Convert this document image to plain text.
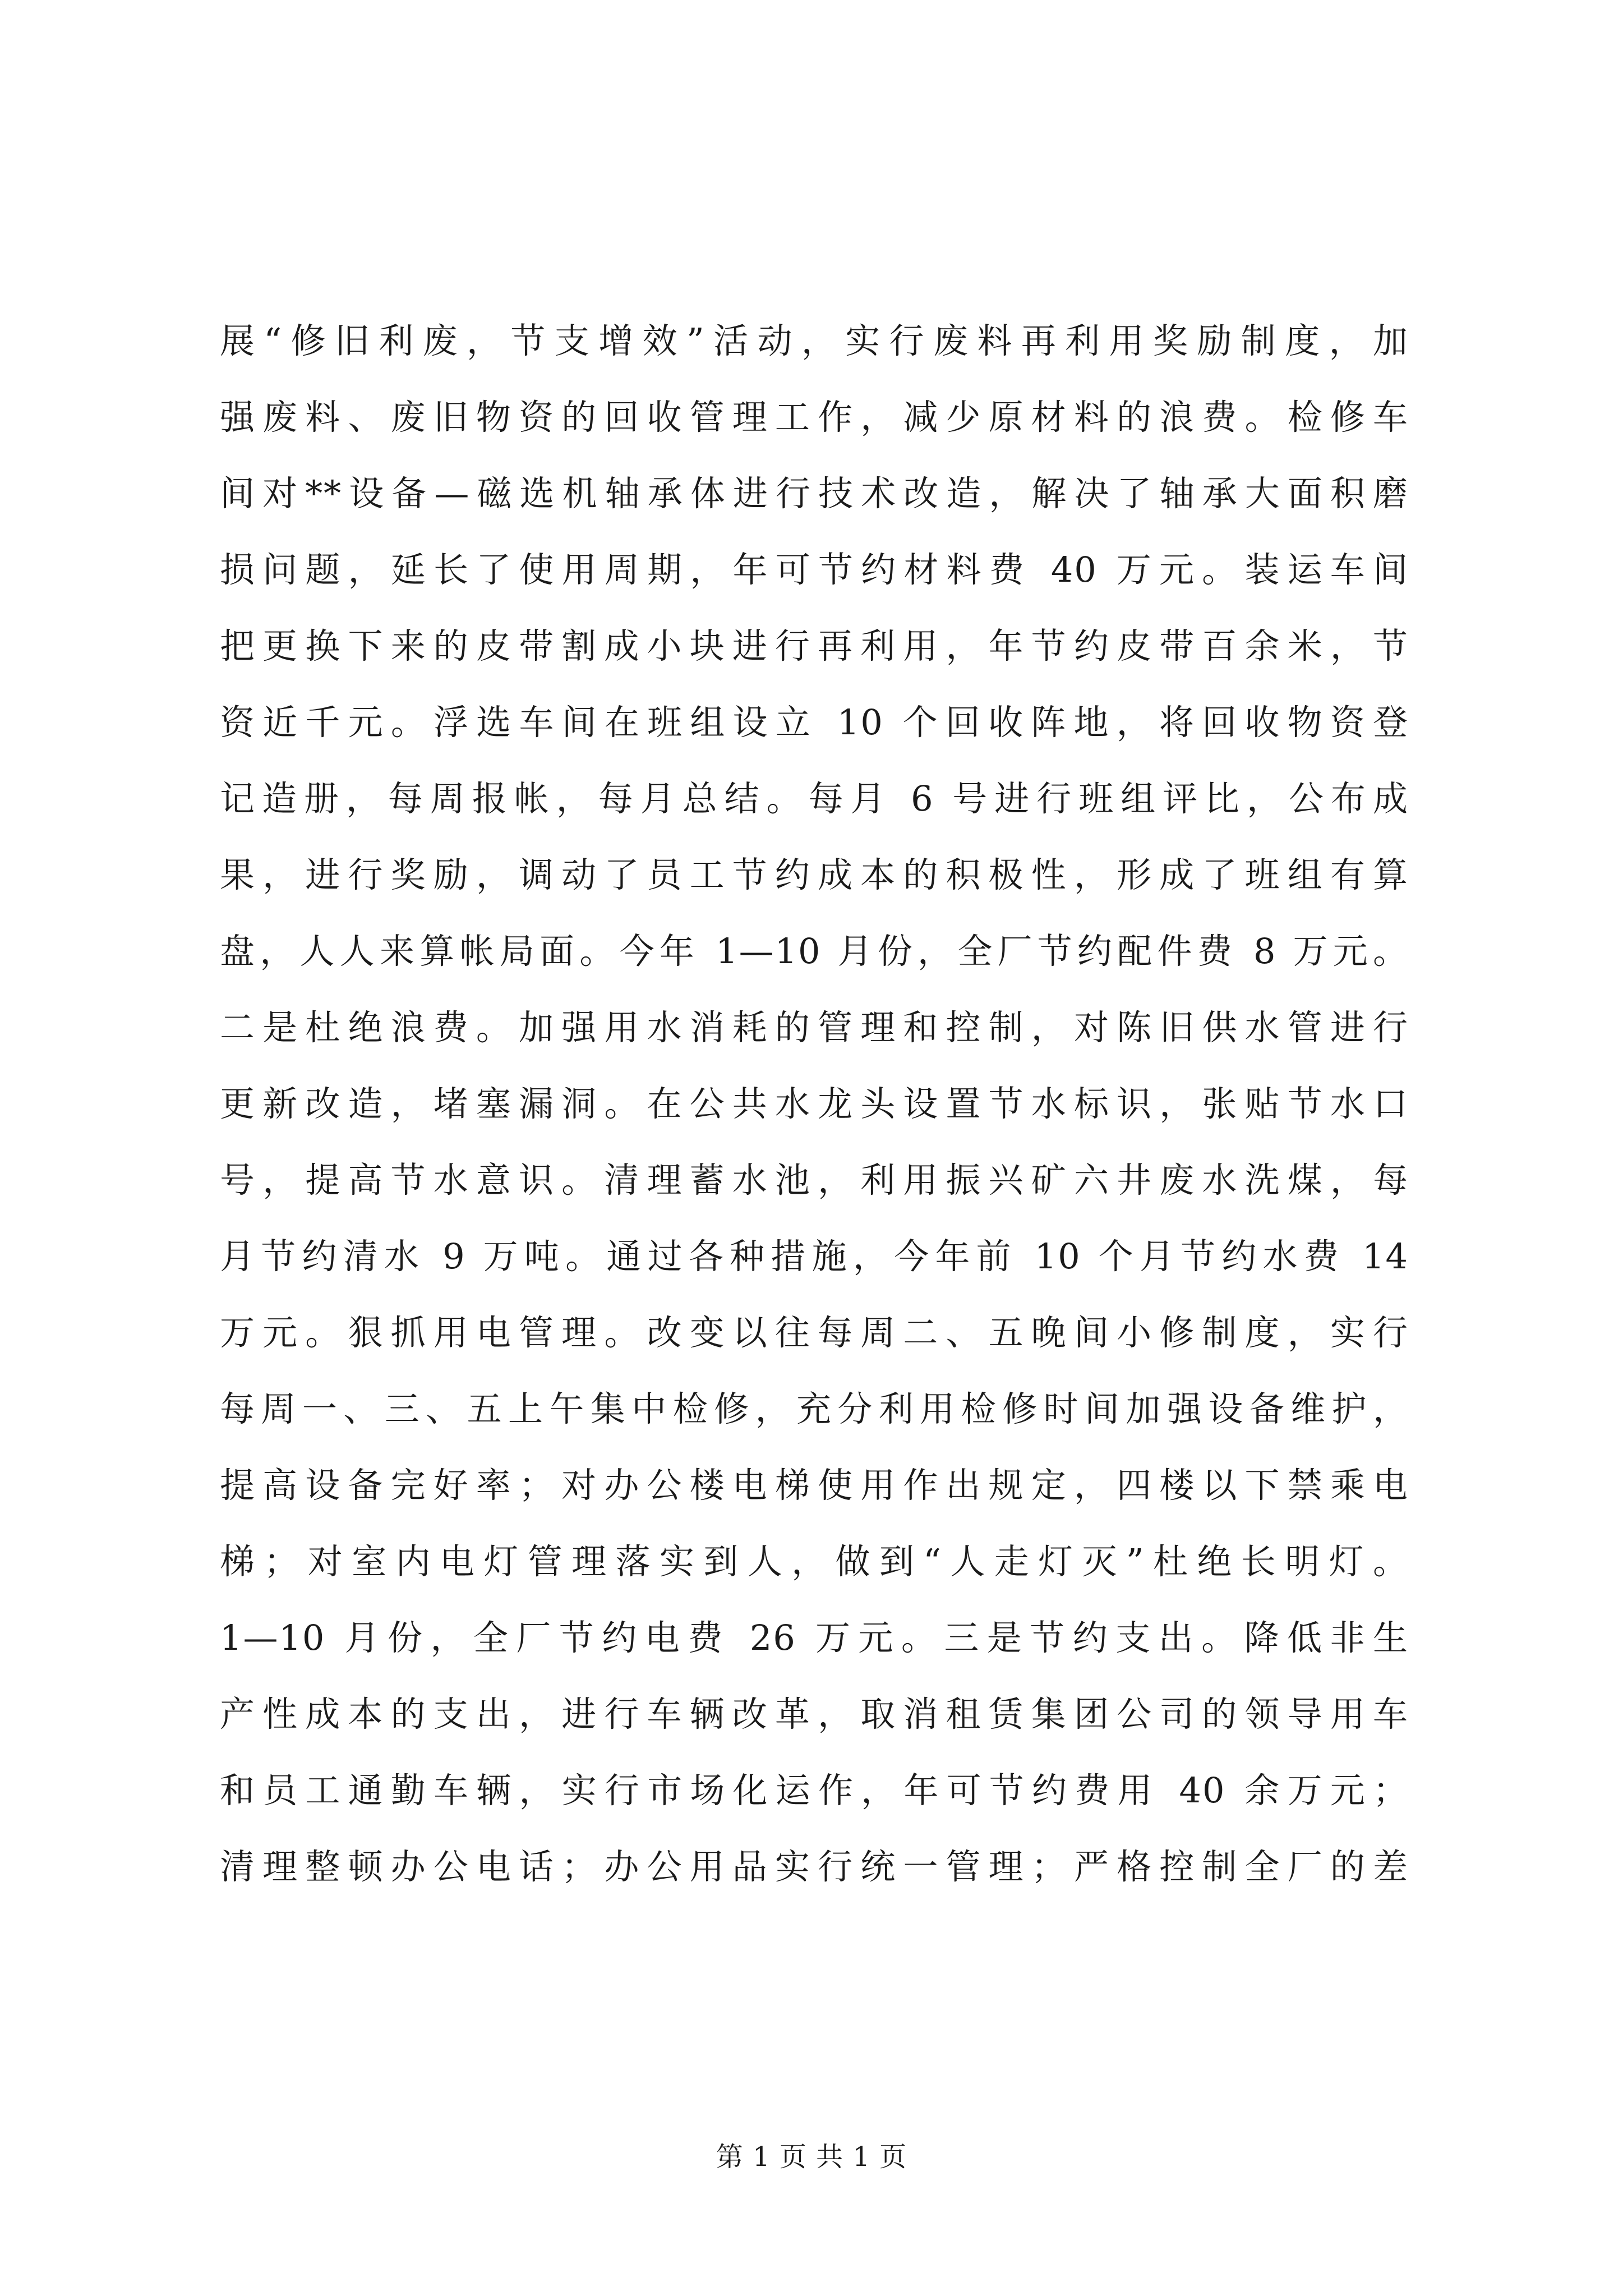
展“修旧利废，节支增效”活动，实行废料再利用奖励制度，加
强废料、废旧物资的回收管理工作，减少原材料的浪费。检修车
间对**设备—磁选机轴承体进行技术改造，解决了轴承大面积磨
损问题，延长了使用周期，年可节约材料费 40 万元。装运车间
把更换下来的皮带割成小块进行再利用，年节约皮带百余米，节
资近千元。浮选车间在班组设立 10 个回收阵地，将回收物资登
记造册，每周报帐，每月总结。每月 6 号进行班组评比，公布成
果，进行奖励，调动了员工节约成本的积极性，形成了班组有算
盘，人人来算帐局面。今年 1—10 月份，全厂节约配件费 8 万元。
二是杜绝浪费。加强用水消耗的管理和控制，对陈旧供水管进行
更新改造，堵塞漏洞。在公共水龙头设置节水标识，张贴节水口
号，提高节水意识。清理蓄水池，利用振兴矿六井废水洗煤，每
月节约清水 9 万吨。通过各种措施，今年前 10 个月节约水费 14
万元。狠抓用电管理。改变以往每周二、五晚间小修制度，实行
每周一、三、五上午集中检修，充分利用检修时间加强设备维护，
提高设备完好率；对办公楼电梯使用作出规定，四楼以下禁乘电
梯；对室内电灯管理落实到人，做到“人走灯灭”杜绝长明灯。
1—10 月份，全厂节约电费 26 万元。三是节约支出。降低非生
产性成本的支出，进行车辆改革，取消租赁集团公司的领导用车
和员工通勤车辆，实行市场化运作，年可节约费用 40 余万元；
清理整顿办公电话；办公用品实行统一管理；严格控制全厂的差
第 1 页 共 1 页
